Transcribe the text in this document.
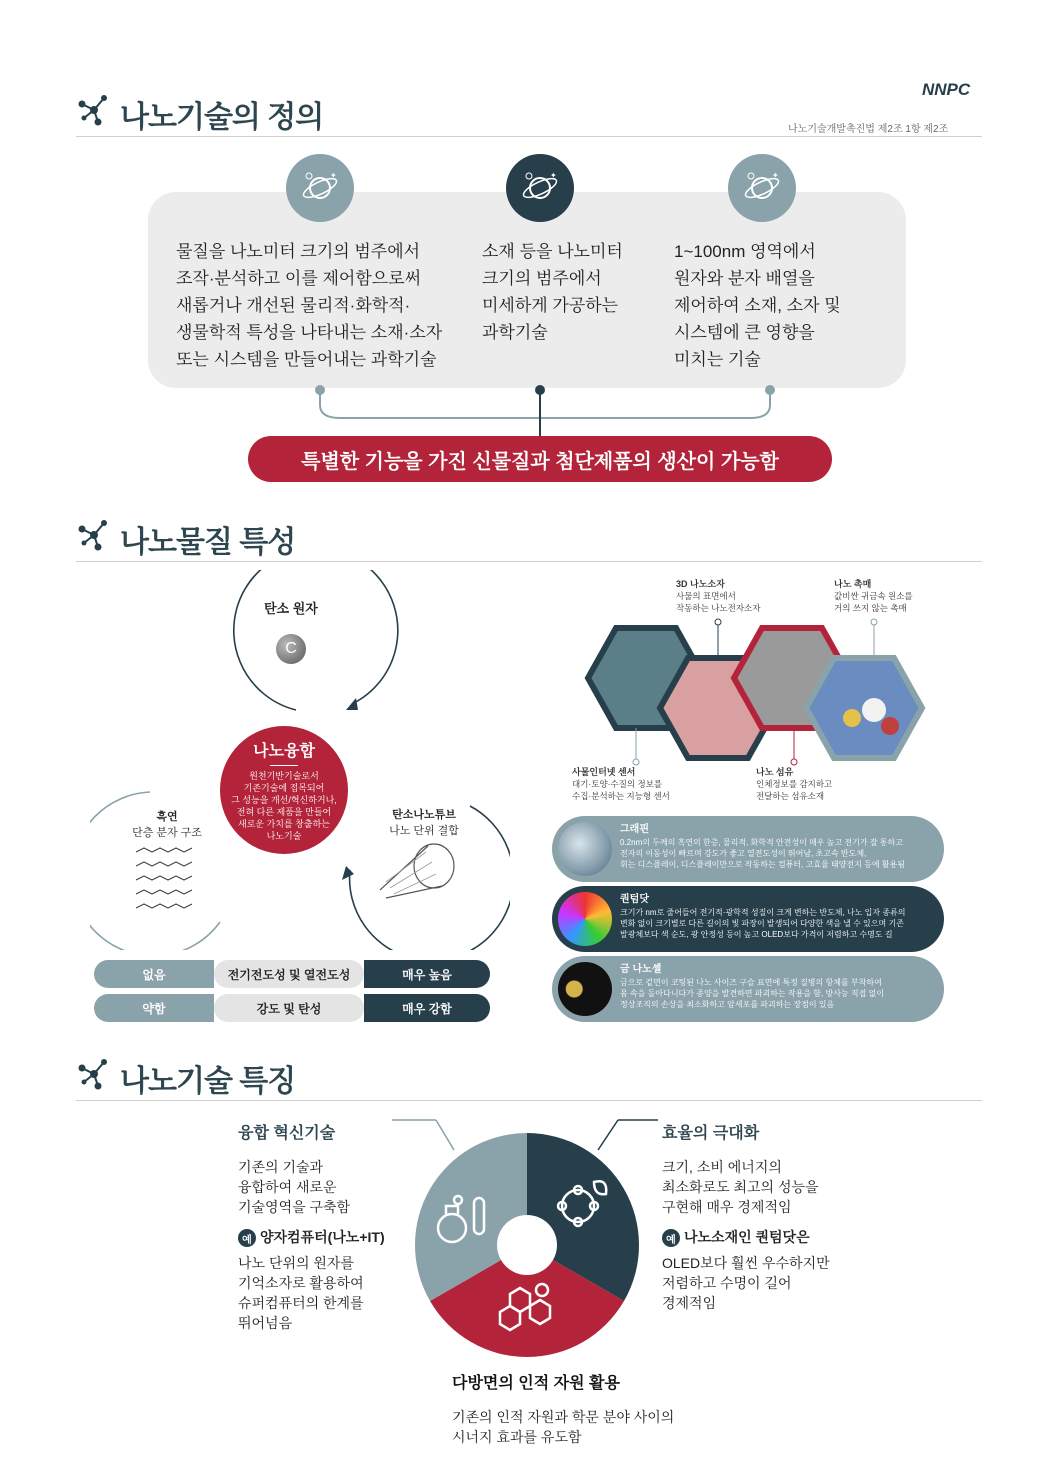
나노기술의 정의
NNPC
나노기술개발촉진법 제2조 1항 제2조
✦	✦	✦
물질을 나노미터 크기의 범주에서
조작·분석하고 이를 제어함으로써
새롭거나 개선된 물리적·화학적·
생물학적 특성을 나타내는 소재·소자
또는 시스템을 만들어내는 과학기술
소재 등을 나노미터
크기의 범주에서
미세하게 가공하는
과학기술
1~100nm 영역에서
원자와 분자 배열을
제어하여 소재, 소자 및
시스템에 큰 영향을
미치는 기술
특별한 기능을 가진 신물질과 첨단제품의 생산이 가능함
나노물질 특성
탄소 원자
C
나노융합
원천기반기술로서
기존기술에 접목되어
그 성능을 개선/혁신하거나,
전혀 다른 제품을 만들어
새로운 가치를 창출하는
나노기술
흑연
단층 분자 구조
탄소나노튜브
나노 단위 결합
없음	전기전도성 및 열전도성	매우 높음
약함	강도 및 탄성	매우 강함
3D 나노소자
사물의 표면에서
작동하는 나노전자소자
나노 촉매
값비싼 귀금속 원소를
거의 쓰지 않는 촉매
사물인터넷 센서
대기·토양·수질의 정보를
수집·분석하는 지능형 센서
나노 섬유
인체정보를 감지하고
전달하는 섬유소재
그래핀
0.2nm의 두께의 흑연의 한층, 물리적, 화학적 안전성이 매우 높고 전기가 잘 통하고
전자의 이동성이 빠르며 강도가 좋고 열전도성이 뛰어남, 초고속 반도체,
휘는 디스플레이, 디스플레이만으로 작동하는 컴퓨터, 고효율 태양전지 등에 활용됨
퀀텀닷
크기가 nm로 줄어들어 전기적·광학적 성질이 크게 변하는 반도체, 나노 입자 종류의
변화 없이 크기별로 다른 길이의 빛 파장이 발생되어 다양한 색을 낼 수 있으며 기존
발광체보다 색 순도, 광 안정성 등이 높고 OLED보다 가격이 저렴하고 수명도 길
금 나노셸
금으로 겉면이 코팅된 나노 사이즈 구슬 표면에 특정 질병의 항체를 부착하여
몸 속을 돌아다니다가 종양을 발견하면 파괴하는 작용을 함, 방사능 직접 없이
정상조직의 손상을 최소화하고 암세포를 파괴하는 장점이 있음
나노기술 특징
융합 혁신기술
기존의 기술과
융합하여 새로운
기술영역을 구축함
예 양자컴퓨터(나노+IT)
나노 단위의 원자를
기억소자로 활용하여
슈퍼컴퓨터의 한계를
뛰어넘음
효율의 극대화
크기, 소비 에너지의
최소화로도 최고의 성능을
구현해 매우 경제적임
예 나노소재인 퀀텀닷은
OLED보다 훨씬 우수하지만
저렴하고 수명이 길어
경제적임
다방면의 인적 자원 활용
기존의 인적 자원과 학문 분야 사이의
시너지 효과를 유도함
